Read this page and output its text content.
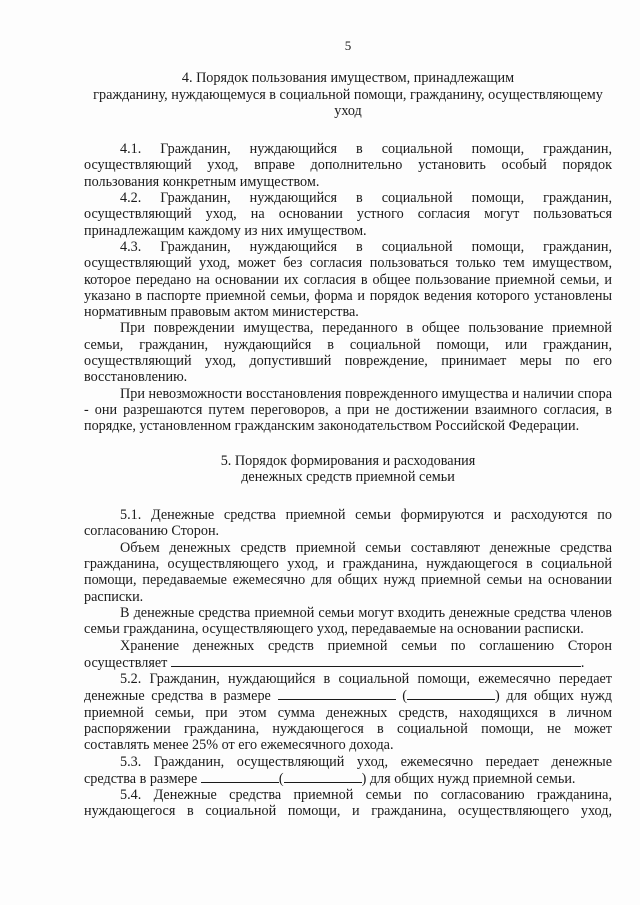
5
4. Порядок пользования имуществом, принадлежащим
гражданину, нуждающемуся в социальной помощи, гражданину, осуществляющему
уход

4.1. Гражданин, нуждающийся в социальной помощи, гражданин, осуществляющий уход, вправе дополнительно установить особый порядок пользования конкретным имуществом.

4.2. Гражданин, нуждающийся в социальной помощи, гражданин, осуществляющий уход, на основании устного согласия могут пользоваться принадлежащим каждому из них имуществом.

4.3. Гражданин, нуждающийся в социальной помощи, гражданин, осуществляющий уход, может без согласия пользоваться только тем имуществом, которое передано на основании их согласия в общее пользование приемной семьи, и указано в паспорте приемной семьи, форма и порядок ведения которого установлены нормативным правовым актом министерства.

При повреждении имущества, переданного в общее пользование приемной семьи, гражданин, нуждающийся в социальной помощи, или гражданин, осуществляющий уход, допустивший повреждение, принимает меры по его восстановлению.

При невозможности восстановления поврежденного имущества и наличии спора - они разрешаются путем переговоров, а при не достижении взаимного согласия, в порядке, установленном гражданским законодательством Российской Федерации.

5. Порядок формирования и расходования
денежных средств приемной семьи

5.1. Денежные средства приемной семьи формируются и расходуются по согласованию Сторон.

Объем денежных средств приемной семьи составляют денежные средства гражданина, осуществляющего уход, и гражданина, нуждающегося в социальной помощи, передаваемые ежемесячно для общих нужд приемной семьи на основании расписки.

В денежные средства приемной семьи могут входить денежные средства членов семьи гражданина, осуществляющего уход, передаваемые на основании расписки.

Хранение денежных средств приемной семьи по соглашению Сторон осуществляет	.

5.2. Гражданин, нуждающийся в социальной помощи, ежемесячно передает денежные средства в размере	(	) для общих нужд приемной семьи, при этом сумма денежных средств, находящихся в личном распоряжении гражданина, нуждающегося в социальной помощи, не может составлять менее 25% от его ежемесячного дохода.

5.3. Гражданин, осуществляющий уход, ежемесячно передает денежные средства в размере	(	) для общих нужд приемной семьи.

5.4. Денежные средства приемной семьи по согласованию гражданина, нуждающегося в социальной помощи, и гражданина, осуществляющего уход,
